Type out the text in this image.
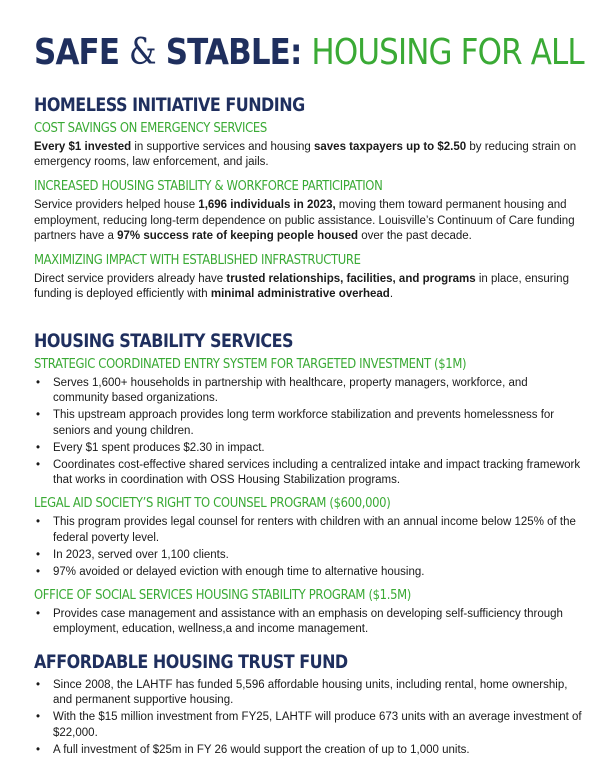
SAFE & STABLE: HOUSING FOR ALL
HOMELESS INITIATIVE FUNDING
COST SAVINGS ON EMERGENCY SERVICES

Every $1 invested in supportive services and housing saves taxpayers up to $2.50 by reducing strain on emergency rooms, law enforcement, and jails.

INCREASED HOUSING STABILITY & WORKFORCE PARTICIPATION

Service providers helped house 1,696 individuals in 2023, moving them toward permanent housing and employment, reducing long-term dependence on public assistance. Louisville’s Continuum of Care funding partners have a 97% success rate of keeping people housed over the past decade.

MAXIMIZING IMPACT WITH ESTABLISHED INFRASTRUCTURE

Direct service providers already have trusted relationships, facilities, and programs in place, ensuring funding is deployed efficiently with minimal administrative overhead.

HOUSING STABILITY SERVICES
STRATEGIC COORDINATED ENTRY SYSTEM FOR TARGETED INVESTMENT ($1M)
• Serves 1,600+ households in partnership with healthcare, property managers, workforce, and community based organizations.
• This upstream approach provides long term workforce stabilization and prevents homelessness for seniors and young children.
• Every $1 spent produces $2.30 in impact.
• Coordinates cost-effective shared services including a centralized intake and impact tracking framework that works in coordination with OSS Housing Stabilization programs.
LEGAL AID SOCIETY’S RIGHT TO COUNSEL PROGRAM ($600,000)
• This program provides legal counsel for renters with children with an annual income below 125% of the federal poverty level.
• In 2023, served over 1,100 clients.
• 97% avoided or delayed eviction with enough time to alternative housing.
OFFICE OF SOCIAL SERVICES HOUSING STABILITY PROGRAM ($1.5M)
• Provides case management and assistance with an emphasis on developing self-sufficiency through employment, education, wellness,a and income management.
AFFORDABLE HOUSING TRUST FUND
• Since 2008, the LAHTF has funded 5,596 affordable housing units, including rental, home ownership, and permanent supportive housing.
• With the $15 million investment from FY25, LAHTF will produce 673 units with an average investment of $22,000.
• A full investment of $25m in FY 26 would support the creation of up to 1,000 units.
